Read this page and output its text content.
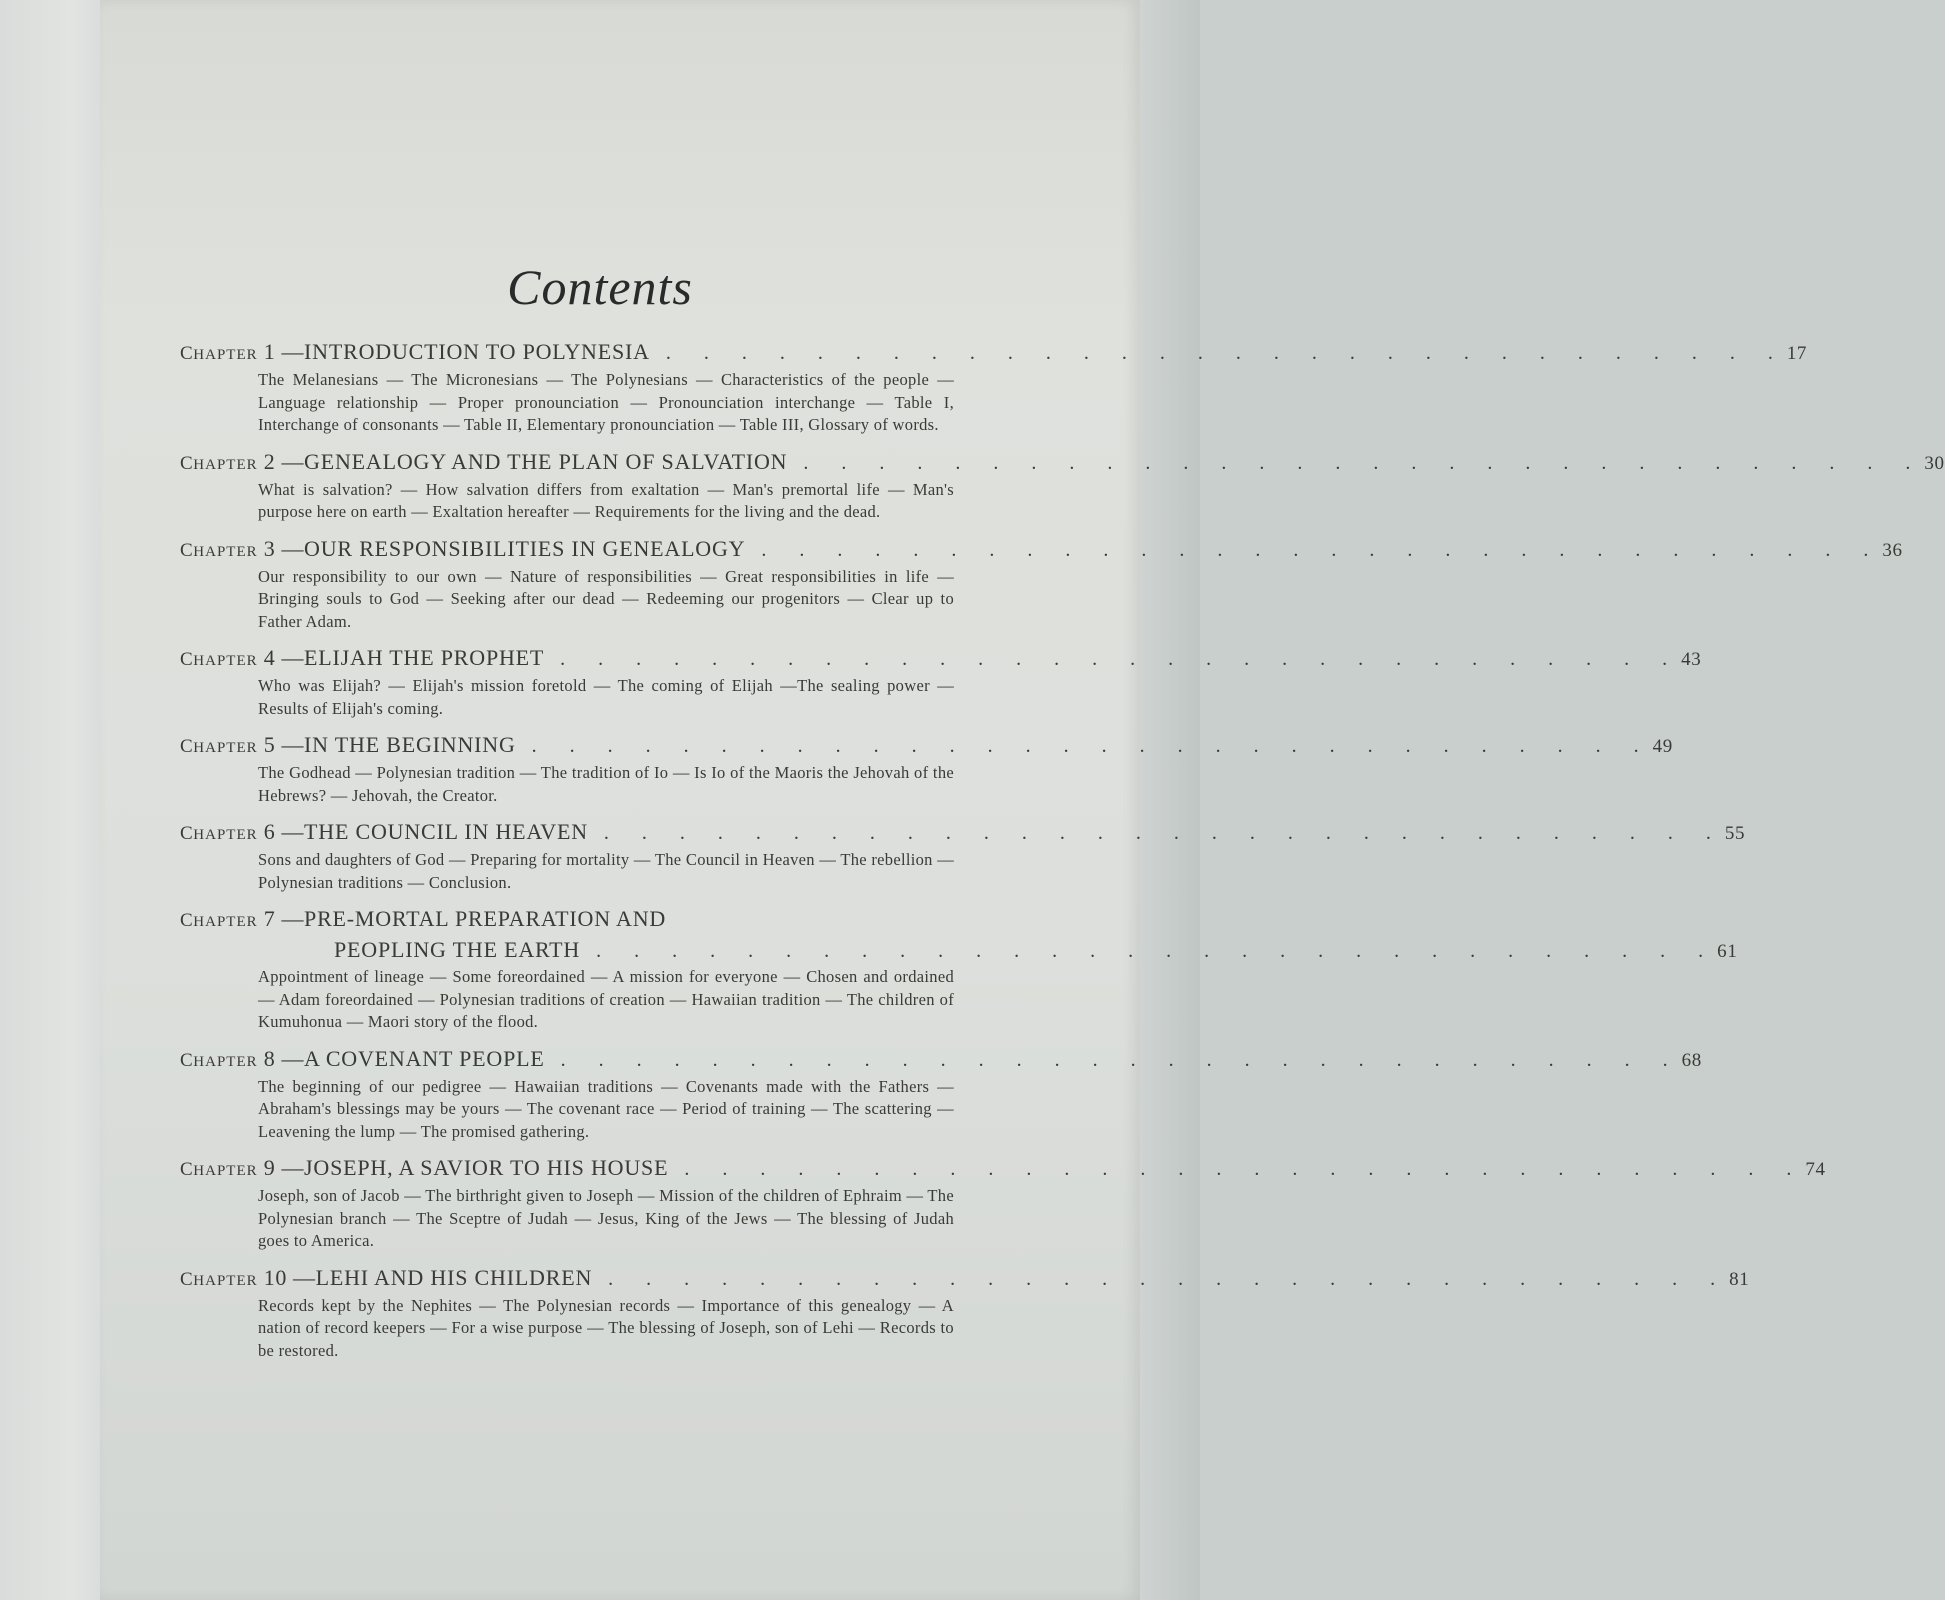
Contents
CHAPTER 1 — INTRODUCTION TO POLYNESIA . . . . . . . . . . . . . . . . . . . . . . . . . . . . . . 17
The Melanesians — The Micronesians — The Polynesians — Characteristics of the people — Language relationship — Proper pronounciation — Pronounciation interchange — Table I, Interchange of consonants — Table II, Elementary pronounciation — Table III, Glossary of words.
CHAPTER 2 — GENEALOGY AND THE PLAN OF SALVATION . . . . . . . . . . . . . . . . . . . . . . . . . . . . . . 30
What is salvation? — How salvation differs from exaltation — Man's premortal life — Man's purpose here on earth — Exaltation hereafter — Requirements for the living and the dead.
CHAPTER 3 — OUR RESPONSIBILITIES IN GENEALOGY . . . . . . . . . . . . . . . . . . . . . . . . . . . . . . 36
Our responsibility to our own — Nature of responsibilities — Great responsibilities in life — Bringing souls to God — Seeking after our dead — Redeeming our progenitors — Clear up to Father Adam.
CHAPTER 4 — ELIJAH THE PROPHET . . . . . . . . . . . . . . . . . . . . . . . . . . . . . . 43
Who was Elijah? — Elijah's mission foretold — The coming of Elijah —The sealing power — Results of Elijah's coming.
CHAPTER 5 — IN THE BEGINNING . . . . . . . . . . . . . . . . . . . . . . . . . . . . . . 49
The Godhead — Polynesian tradition — The tradition of Io — Is Io of the Maoris the Jehovah of the Hebrews? — Jehovah, the Creator.
CHAPTER 6 — THE COUNCIL IN HEAVEN . . . . . . . . . . . . . . . . . . . . . . . . . . . . . . 55
Sons and daughters of God — Preparing for mortality — The Council in Heaven — The rebellion — Polynesian traditions — Conclusion.
CHAPTER 7 — PRE-MORTAL PREPARATION AND
PEOPLING THE EARTH . . . . . . . . . . . . . . . . . . . . . . . . . . . . . . 61
Appointment of lineage — Some foreordained — A mission for everyone — Chosen and ordained — Adam foreordained — Polynesian traditions of creation — Hawaiian tradition — The children of Kumuhonua — Maori story of the flood.
CHAPTER 8 — A COVENANT PEOPLE . . . . . . . . . . . . . . . . . . . . . . . . . . . . . . 68
The beginning of our pedigree — Hawaiian traditions — Covenants made with the Fathers — Abraham's blessings may be yours — The covenant race — Period of training — The scattering — Leavening the lump — The promised gathering.
CHAPTER 9 — JOSEPH, A SAVIOR TO HIS HOUSE . . . . . . . . . . . . . . . . . . . . . . . . . . . . . . 74
Joseph, son of Jacob — The birthright given to Joseph — Mission of the children of Ephraim — The Polynesian branch — The Sceptre of Judah — Jesus, King of the Jews — The blessing of Judah goes to America.
CHAPTER 10 — LEHI AND HIS CHILDREN . . . . . . . . . . . . . . . . . . . . . . . . . . . . . . 81
Records kept by the Nephites — The Polynesian records — Importance of this genealogy — A nation of record keepers — For a wise purpose — The blessing of Joseph, son of Lehi — Records to be restored.
